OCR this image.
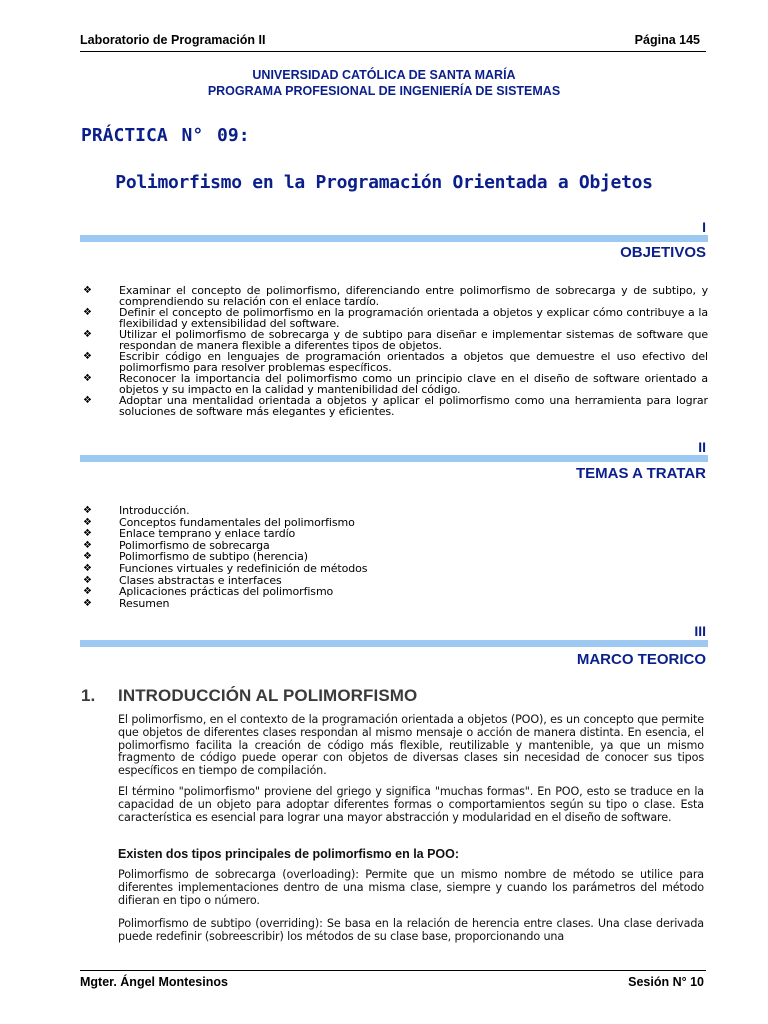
Laboratorio de Programación II	Página 145
UNIVERSIDAD CATÓLICA DE SANTA MARÍA
PROGRAMA PROFESIONAL DE INGENIERÍA DE SISTEMAS
PRÁCTICA N° 09:
Polimorfismo en la Programación Orientada a Objetos
I
OBJETIVOS
❖ Examinar el concepto de polimorfismo, diferenciando entre polimorfismo de sobrecarga y de subtipo, y comprendiendo su relación con el enlace tardío.
❖ Definir el concepto de polimorfismo en la programación orientada a objetos y explicar cómo contribuye a la flexibilidad y extensibilidad del software.
❖ Utilizar el polimorfismo de sobrecarga y de subtipo para diseñar e implementar sistemas de software que respondan de manera flexible a diferentes tipos de objetos.
❖ Escribir código en lenguajes de programación orientados a objetos que demuestre el uso efectivo del polimorfismo para resolver problemas específicos.
❖ Reconocer la importancia del polimorfismo como un principio clave en el diseño de software orientado a objetos y su impacto en la calidad y mantenibilidad del código.
❖ Adoptar una mentalidad orientada a objetos y aplicar el polimorfismo como una herramienta para lograr soluciones de software más elegantes y eficientes.
II
TEMAS A TRATAR
❖ Introducción.
❖ Conceptos fundamentales del polimorfismo
❖ Enlace temprano y enlace tardío
❖ Polimorfismo de sobrecarga
❖ Polimorfismo de subtipo (herencia)
❖ Funciones virtuales y redefinición de métodos
❖ Clases abstractas e interfaces
❖ Aplicaciones prácticas del polimorfismo
❖ Resumen
III
MARCO TEORICO
1. INTRODUCCIÓN AL POLIMORFISMO
El polimorfismo, en el contexto de la programación orientada a objetos (POO), es un concepto que permite que objetos de diferentes clases respondan al mismo mensaje o acción de manera distinta. En esencia, el polimorfismo facilita la creación de código más flexible, reutilizable y mantenible, ya que un mismo fragmento de código puede operar con objetos de diversas clases sin necesidad de conocer sus tipos específicos en tiempo de compilación.
El término "polimorfismo" proviene del griego y significa "muchas formas". En POO, esto se traduce en la capacidad de un objeto para adoptar diferentes formas o comportamientos según su tipo o clase. Esta característica es esencial para lograr una mayor abstracción y modularidad en el diseño de software.
Existen dos tipos principales de polimorfismo en la POO:
Polimorfismo de sobrecarga (overloading): Permite que un mismo nombre de método se utilice para diferentes implementaciones dentro de una misma clase, siempre y cuando los parámetros del método difieran en tipo o número.
Polimorfismo de subtipo (overriding): Se basa en la relación de herencia entre clases. Una clase derivada puede redefinir (sobreescribir) los métodos de su clase base, proporcionando una
Mgter. Ángel Montesinos	Sesión N° 10
